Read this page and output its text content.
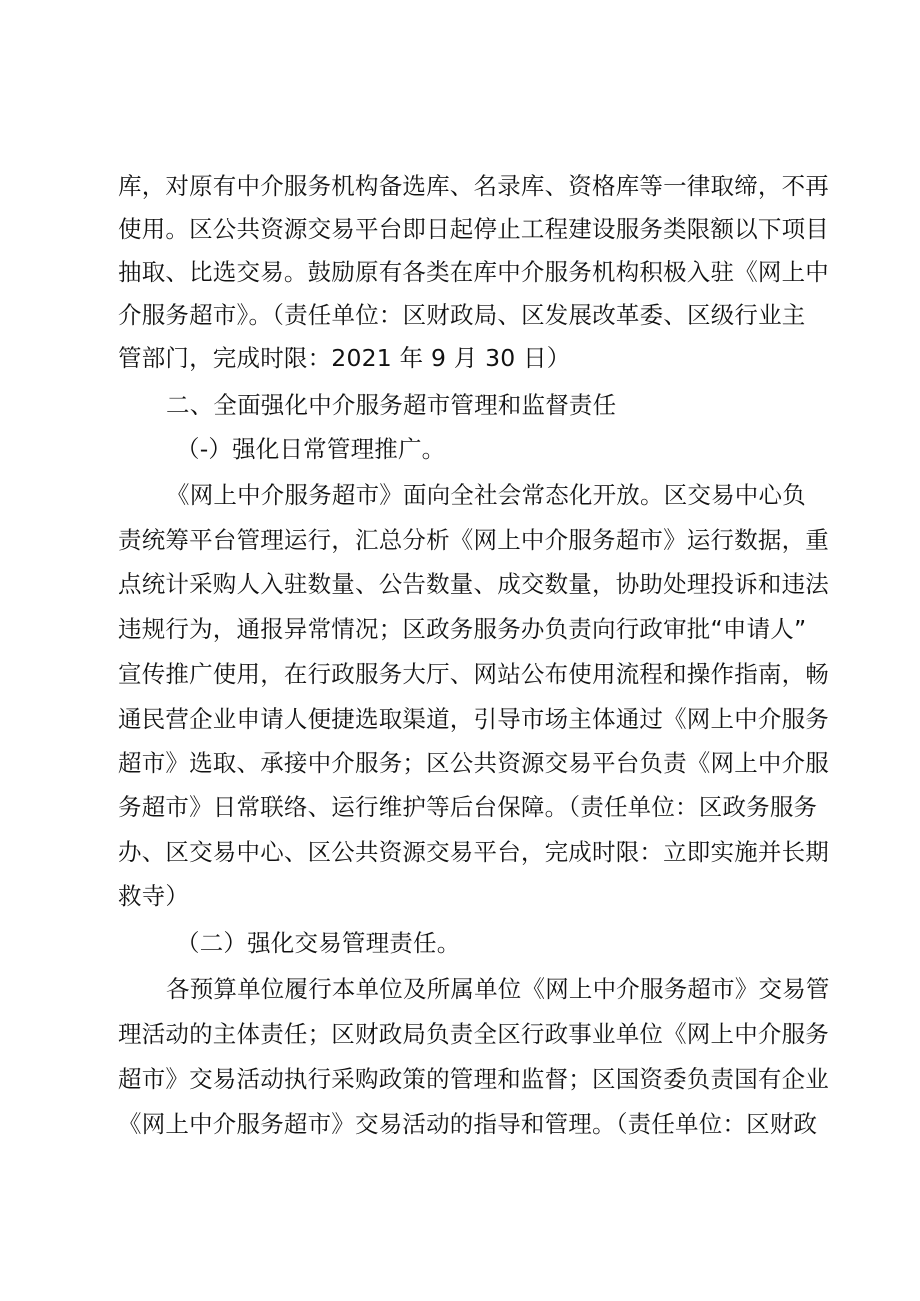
库，对原有中介服务机构备选库、名录库、资格库等一律取缔，不再
使用。区公共资源交易平台即日起停止工程建设服务类限额以下项目
抽取、比选交易。鼓励原有各类在库中介服务机构积极入驻《网上中
介服务超市》。（责任单位：区财政局、区发展改革委、区级行业主
管部门，完成时限：2021 年 9 月 30 日）
二、全面强化中介服务超市管理和监督责任
（-）强化日常管理推广。
《网上中介服务超市》面向全社会常态化开放。区交易中心负
责统筹平台管理运行，汇总分析《网上中介服务超市》运行数据，重
点统计采购人入驻数量、公告数量、成交数量，协助处理投诉和违法
违规行为，通报异常情况；区政务服务办负责向行政审批“申请人”
宣传推广使用，在行政服务大厅、网站公布使用流程和操作指南，畅
通民营企业申请人便捷选取渠道，引导市场主体通过《网上中介服务
超市》选取、承接中介服务；区公共资源交易平台负责《网上中介服
务超市》日常联络、运行维护等后台保障。（责任单位：区政务服务
办、区交易中心、区公共资源交易平台，完成时限：立即实施并长期
救寺）
（二）强化交易管理责任。
各预算单位履行本单位及所属单位《网上中介服务超市》交易管
理活动的主体责任；区财政局负责全区行政事业单位《网上中介服务
超市》交易活动执行采购政策的管理和监督；区国资委负责国有企业
《网上中介服务超市》交易活动的指导和管理。（责任单位：区财政
